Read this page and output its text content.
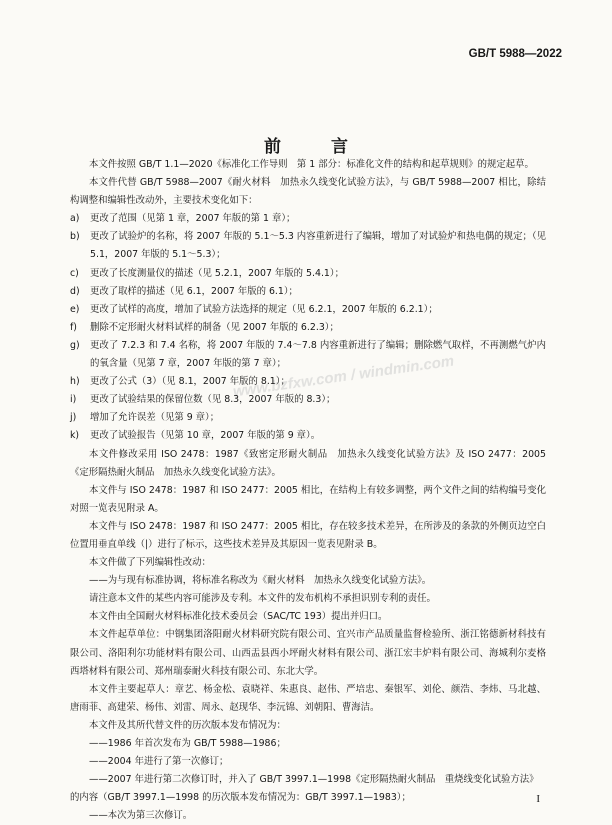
GB/T 5988—2022
前 言
www.bzfxw.com / windmin.com

本文件按照 GB/T 1.1—2020《标准化工作导则　第 1 部分：标准化文件的结构和起草规则》的规定起草。

本文件代替 GB/T 5988—2007《耐火材料　加热永久线变化试验方法》，与 GB/T 5988—2007 相比，除结构调整和编辑性改动外，主要技术变化如下：

a)	更改了范围（见第 1 章，2007 年版的第 1 章）；
b)	更改了试验炉的名称，将 2007 年版的 5.1～5.3 内容重新进行了编辑，增加了对试验炉和热电偶的规定；（见 5.1，2007 年版的 5.1～5.3）；
c)	更改了长度测量仪的描述（见 5.2.1，2007 年版的 5.4.1）；
d)	更改了取样的描述（见 6.1，2007 年版的 6.1）；
e)	更改了试样的高度，增加了试验方法选择的规定（见 6.2.1，2007 年版的 6.2.1）；
f)	删除不定形耐火材料试样的制备（见 2007 年版的 6.2.3）；
g)	更改了 7.2.3 和 7.4 名称，将 2007 年版的 7.4～7.8 内容重新进行了编辑；删除燃气取样，不再测燃气炉内的氧含量（见第 7 章，2007 年版的第 7 章）；
h)	更改了公式（3）（见 8.1，2007 年版的 8.1）；
i)	更改了试验结果的保留位数（见 8.3，2007 年版的 8.3）；
j)	增加了允许误差（见第 9 章）；
k)	更改了试验报告（见第 10 章，2007 年版的第 9 章）。

本文件修改采用 ISO 2478：1987《致密定形耐火制品　加热永久线变化试验方法》及 ISO 2477：2005《定形隔热耐火制品　加热永久线变化试验方法》。

本文件与 ISO 2478：1987 和 ISO 2477：2005 相比，在结构上有较多调整，两个文件之间的结构编号变化对照一览表见附录 A。

本文件与 ISO 2478：1987 和 ISO 2477：2005 相比，存在较多技术差异，在所涉及的条款的外侧页边空白位置用垂直单线（|）进行了标示，这些技术差异及其原因一览表见附录 B。

本文件做了下列编辑性改动：

——为与现有标准协调，将标准名称改为《耐火材料　加热永久线变化试验方法》。

请注意本文件的某些内容可能涉及专利。本文件的发布机构不承担识别专利的责任。

本文件由全国耐火材料标准化技术委员会（SAC/TC 193）提出并归口。

本文件起草单位：中钢集团洛阳耐火材料研究院有限公司、宜兴市产品质量监督检验所、浙江铭德新材科技有限公司、洛阳利尔功能材料有限公司、山西盂县西小坪耐火材料有限公司、浙江宏丰炉料有限公司、海城利尔麦格西塔材料有限公司、郑州瑞泰耐火科技有限公司、东北大学。

本文件主要起草人：章艺、杨金松、袁晓祥、朱惠良、赵伟、严培忠、秦银军、刘伦、颜浩、李炜、马北越、唐雨菲、高建荣、杨伟、刘雷、周永、赵现华、李沅锦、刘朝阳、曹海洁。

本文件及其所代替文件的历次版本发布情况为：

——1986 年首次发布为 GB/T 5988—1986；

——2004 年进行了第一次修订；

——2007 年进行第二次修订时，并入了 GB/T 3997.1—1998《定形隔热耐火制品　重烧线变化试验方法》的内容（GB/T 3997.1—1998 的历次版本发布情况为：GB/T 3997.1—1983）；

——本次为第三次修订。

I
